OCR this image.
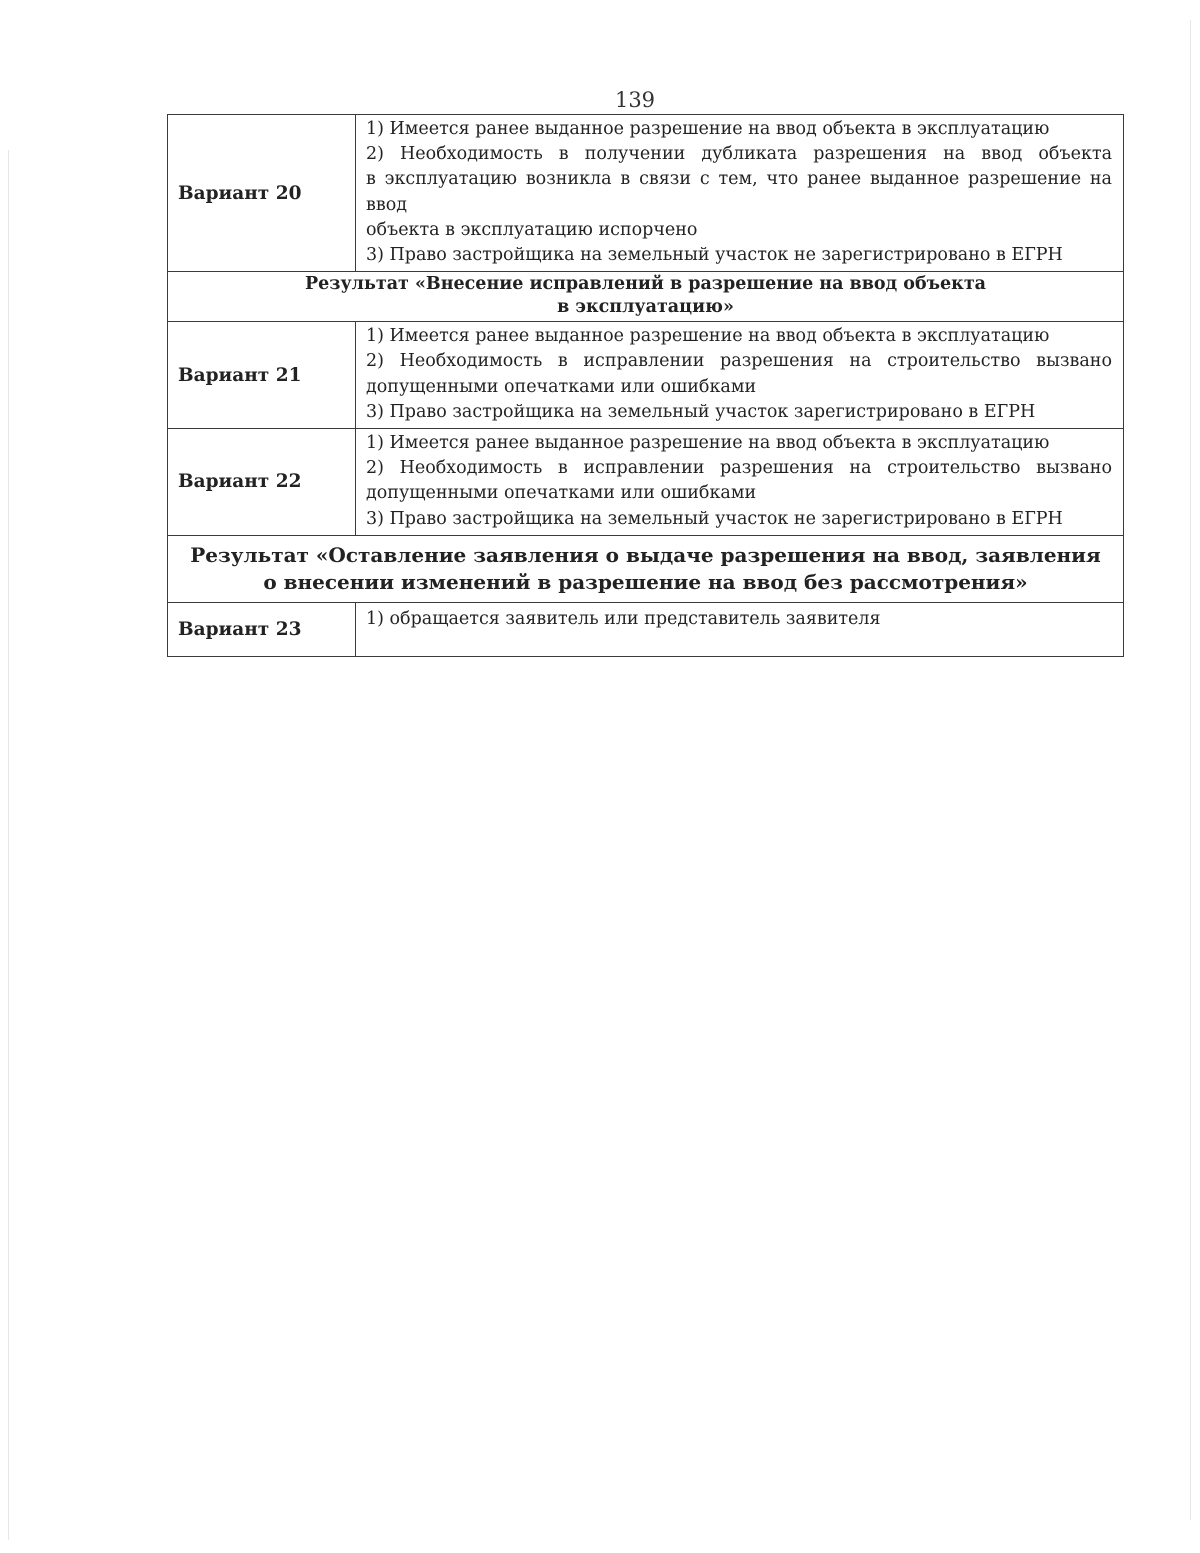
139
Вариант 20	1) Имеется ранее выданное разрешение на ввод объекта в эксплуатацию
2) Необходимость в получении дубликата разрешения на ввод объекта
в эксплуатацию возникла в связи с тем, что ранее выданное разрешение на ввод
объекта в эксплуатацию испорчено
3) Право застройщика на земельный участок не зарегистрировано в ЕГРН

Результат «Внесение исправлений в разрешение на ввод объекта
в эксплуатацию»	

Вариант 21	1) Имеется ранее выданное разрешение на ввод объекта в эксплуатацию
2) Необходимость в исправлении разрешения на строительство вызвано
допущенными опечатками или ошибками
3) Право застройщика на земельный участок зарегистрировано в ЕГРН

Вариант 22	1) Имеется ранее выданное разрешение на ввод объекта в эксплуатацию
2) Необходимость в исправлении разрешения на строительство вызвано
допущенными опечатками или ошибками
3) Право застройщика на земельный участок не зарегистрировано в ЕГРН

Результат «Оставление заявления о выдаче разрешения на ввод, заявления
о внесении изменений в разрешение на ввод без рассмотрения»	

Вариант 23	1) обращается заявитель или представитель заявителя
